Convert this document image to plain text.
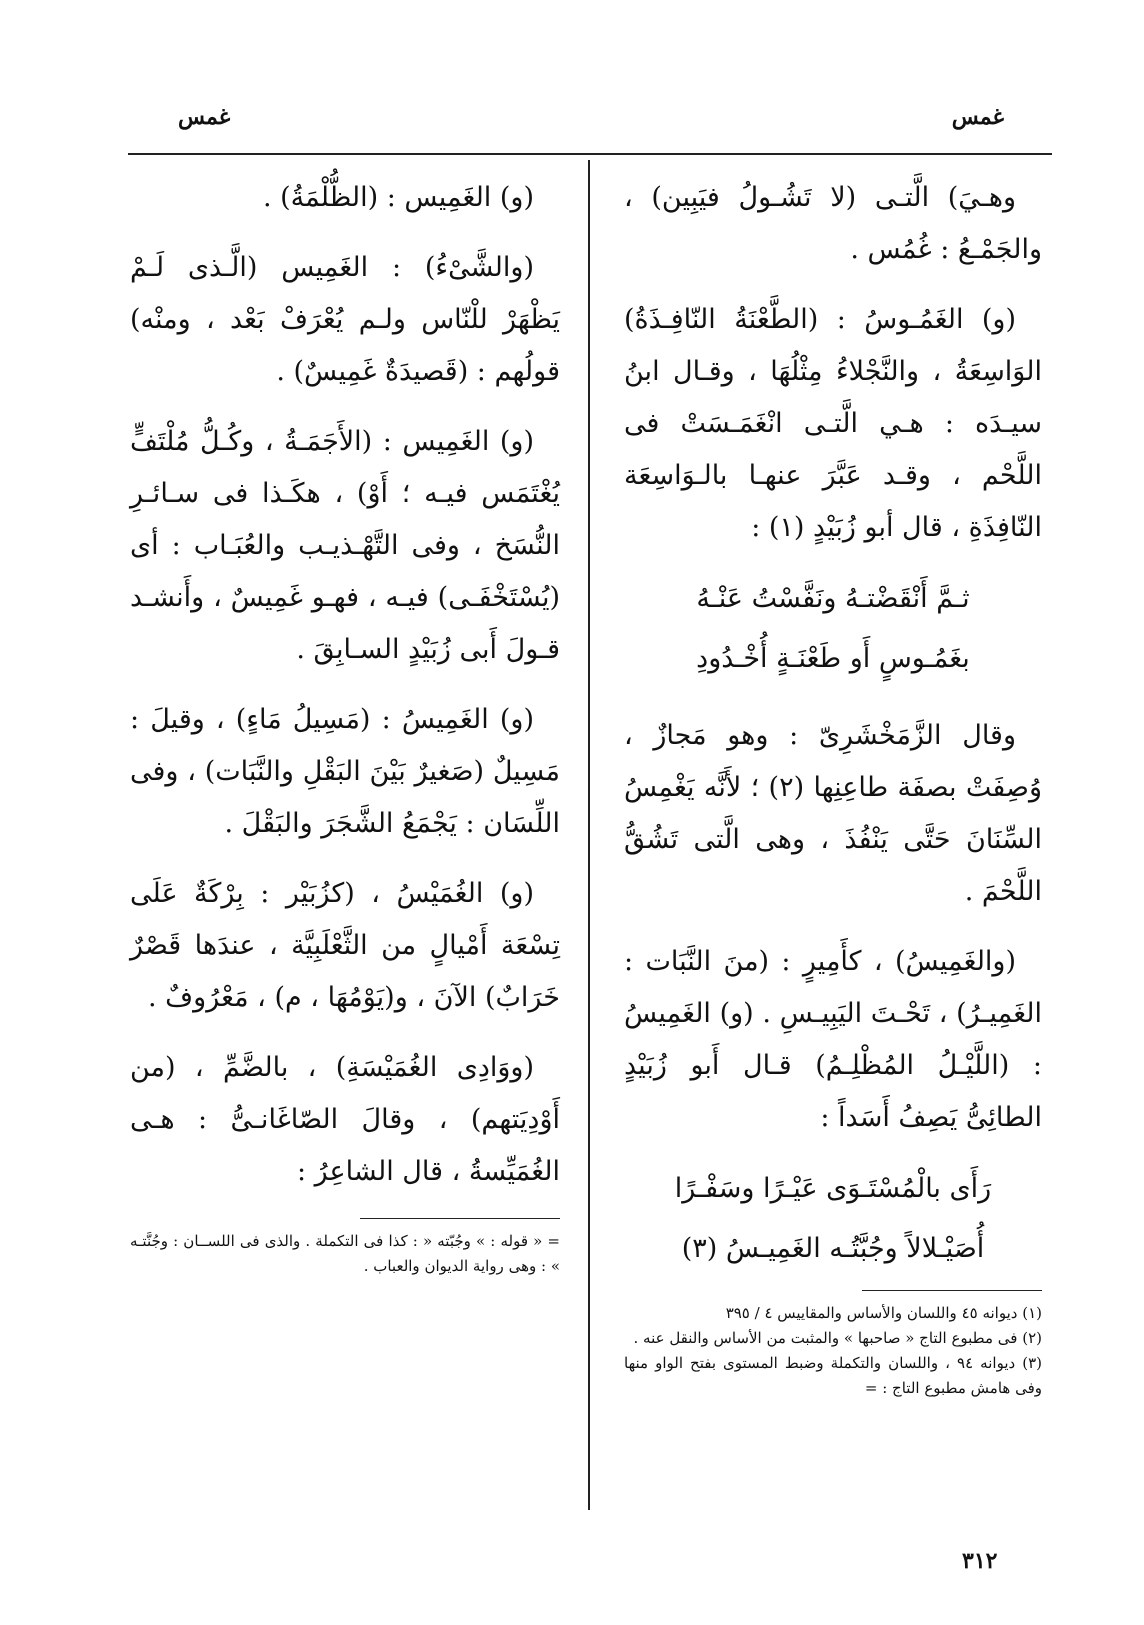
غمس
غمس

وهـيَ) الَّتـى (لا تَشُـولُ فيَبِين) ، والجَمْـعُ : غُمُس .

(و) الغَمُـوسُ : (الطَّعْنَةُ النّافِـذَةُ) الوَاسِعَةُ ، والنَّجْلاءُ مِثْلُهَا ، وقـال ابنُ سيـدَه : هـي الَّتـى انْغَمَـسَتْ فى اللَّحْم ، وقـد عَبَّرَ عنهـا بالـوَاسِعَة النّافِذَةِ ، قال أبو زُبَيْدٍ (١) :

ثـمَّ أَنْقَضْتـهُ ونَفَّسْتُ عَنْـهُ

بغَمُـوسٍ أَو طَعْنَـةٍ أُخْـدُودِ

وقال الزَّمَخْشَرِىّ : وهو مَجازٌ ، وُصِفَتْ بصفَة طاعِنِها (٢) ؛ لأَنَّه يَغْمِسُ السِّنَانَ حَتَّى يَنْفُذَ ، وهى الَّتى تَشُقُّ اللَّحْمَ .

(والغَمِيسُ) ، كأَمِيرٍ : (منَ النَّبَات : الغَمِيـرُ) ، تَحْـتَ اليَبِيـسِ . (و) الغَمِيسُ : (اللَّيْـلُ المُظْلِـمُ) قـال أَبو زُبَيْدٍ الطائِىُّ يَصِفُ أَسَداً :

رَأَى بالْمُسْتَـوَى عَيْـرًا وسَفْـرًا

أُصَيْـلالاً وجُبَّتُـه الغَمِيـسُ (٣)

(١) ديوانه ٤٥ واللسان والأساس والمقاييس ٤ / ٣٩٥

(٢) فى مطبوع التاج « صاحبها » والمثبت من الأساس والنقل عنه .

(٣) ديوانه ٩٤ ، واللسان والتكملة وضبط المستوى بفتح الواو منها وفى هامش مطبوع التاج : =

(و) الغَمِيس : (الظُّلْمَةُ) .

(والشَّىْءُ) : الغَمِيس (الَّـذى لَـمْ يَظْهَرْ للْنّاس ولـم يُعْرَفْ بَعْد ، ومنْه) قولُهم : (قَصيدَةٌ غَمِيسٌ) .

(و) الغَمِيس : (الأَجَمَـةُ ، وكُـلُّ مُلْتَفٍّ يُغْتَمَس فيـه ؛ أَوْ) ، هكَـذا فى سـائـرِ النُّسَخ ، وفى التَّهْـذيـب والعُبَـاب : أى (يُسْتَخْفَـى) فيـه ، فهـو غَمِيسٌ ، وأَنشـد قـولَ أَبى زُبَيْدٍ السـابِقَ .

(و) الغَمِيسُ : (مَسِيلُ مَاءٍ) ، وقيلَ : مَسِيلٌ (صَغيرٌ بَيْنَ البَقْلِ والنَّبَات) ، وفى اللِّسَان : يَجْمَعُ الشَّجَرَ والبَقْلَ .

(و) الغُمَيْسُ ، (كزُبَيْر : بِرْكَةٌ عَلَى تِسْعَة أَمْيالٍ من الثَّعْلَبِيَّة ، عندَها قَصْرٌ خَرَابٌ) الآنَ ، و(يَوْمُهَا ، م) ، مَعْرُوفٌ .

(ووَادِى الغُمَيْسَةِ) ، بالضَّمِّ ، (من أَوْدِيَتهم) ، وقالَ الصّاغَانـىُّ : هـى الغُمَيِّسةُ ، قال الشاعِرُ :

= « قوله : » وجُبّته « : كذا فى التكملة . والذى فى اللســان : وجُنَّتـه » : وهى رواية الديوان والعباب .

٣١٢
